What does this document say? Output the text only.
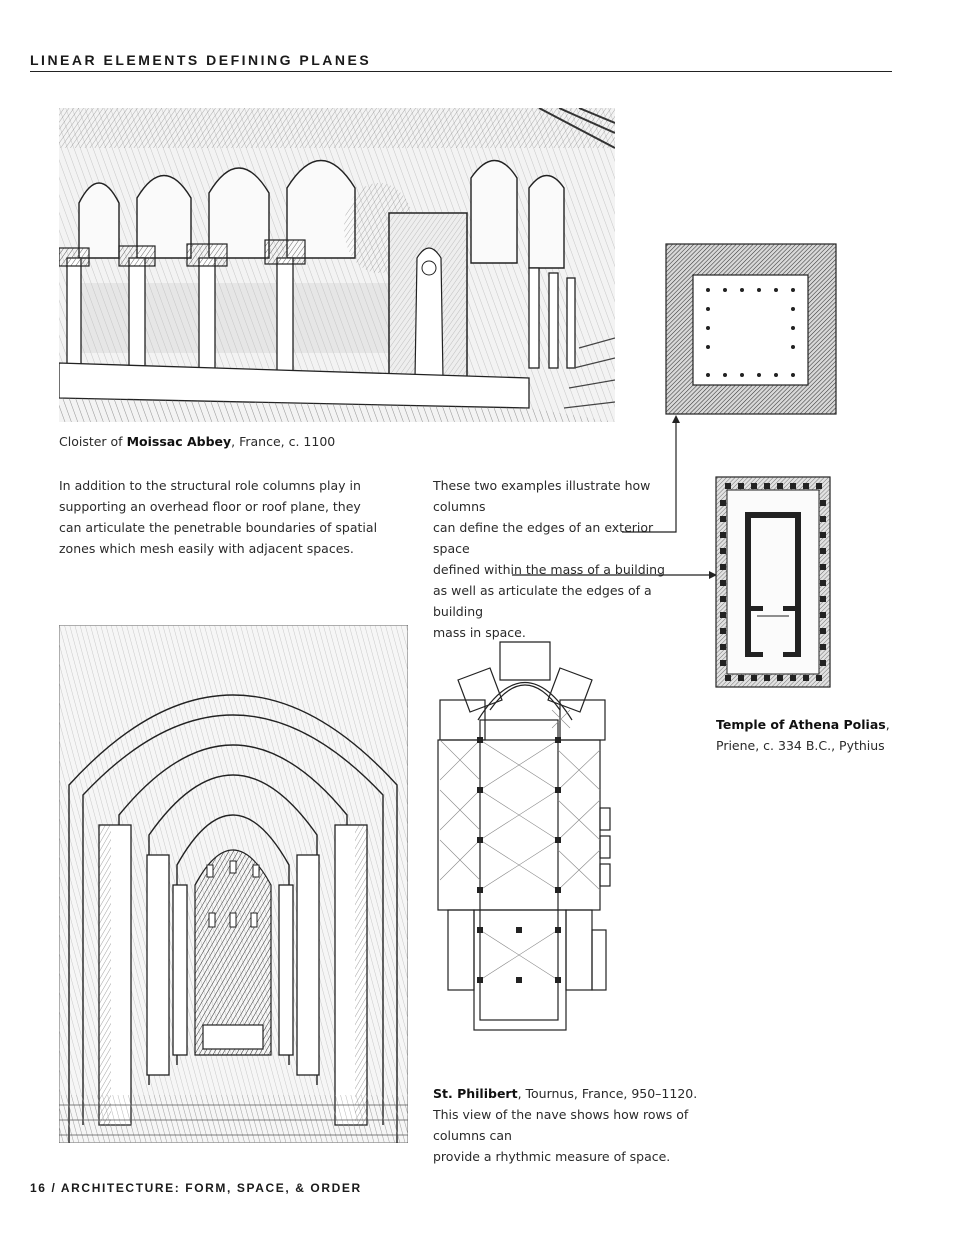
LINEAR ELEMENTS DEFINING PLANES
Cloister of Moissac Abbey, France, c. 1100
In addition to the structural role columns play in supporting an overhead floor or roof plane, they can articulate the penetrable boundaries of spatial zones which mesh easily with adjacent spaces.
These two examples illustrate how columns
can define the edges of an exterior space
defined within the mass of a building
as well as articulate the edges of a building
mass in space.
Temple of Athena Polias,
Priene, c. 334 B.C., Pythius
St. Philibert, Tournus, France, 950–1120.
This view of the nave shows how rows of columns can
provide a rhythmic measure of space.
16 / ARCHITECTURE: FORM, SPACE, & ORDER
